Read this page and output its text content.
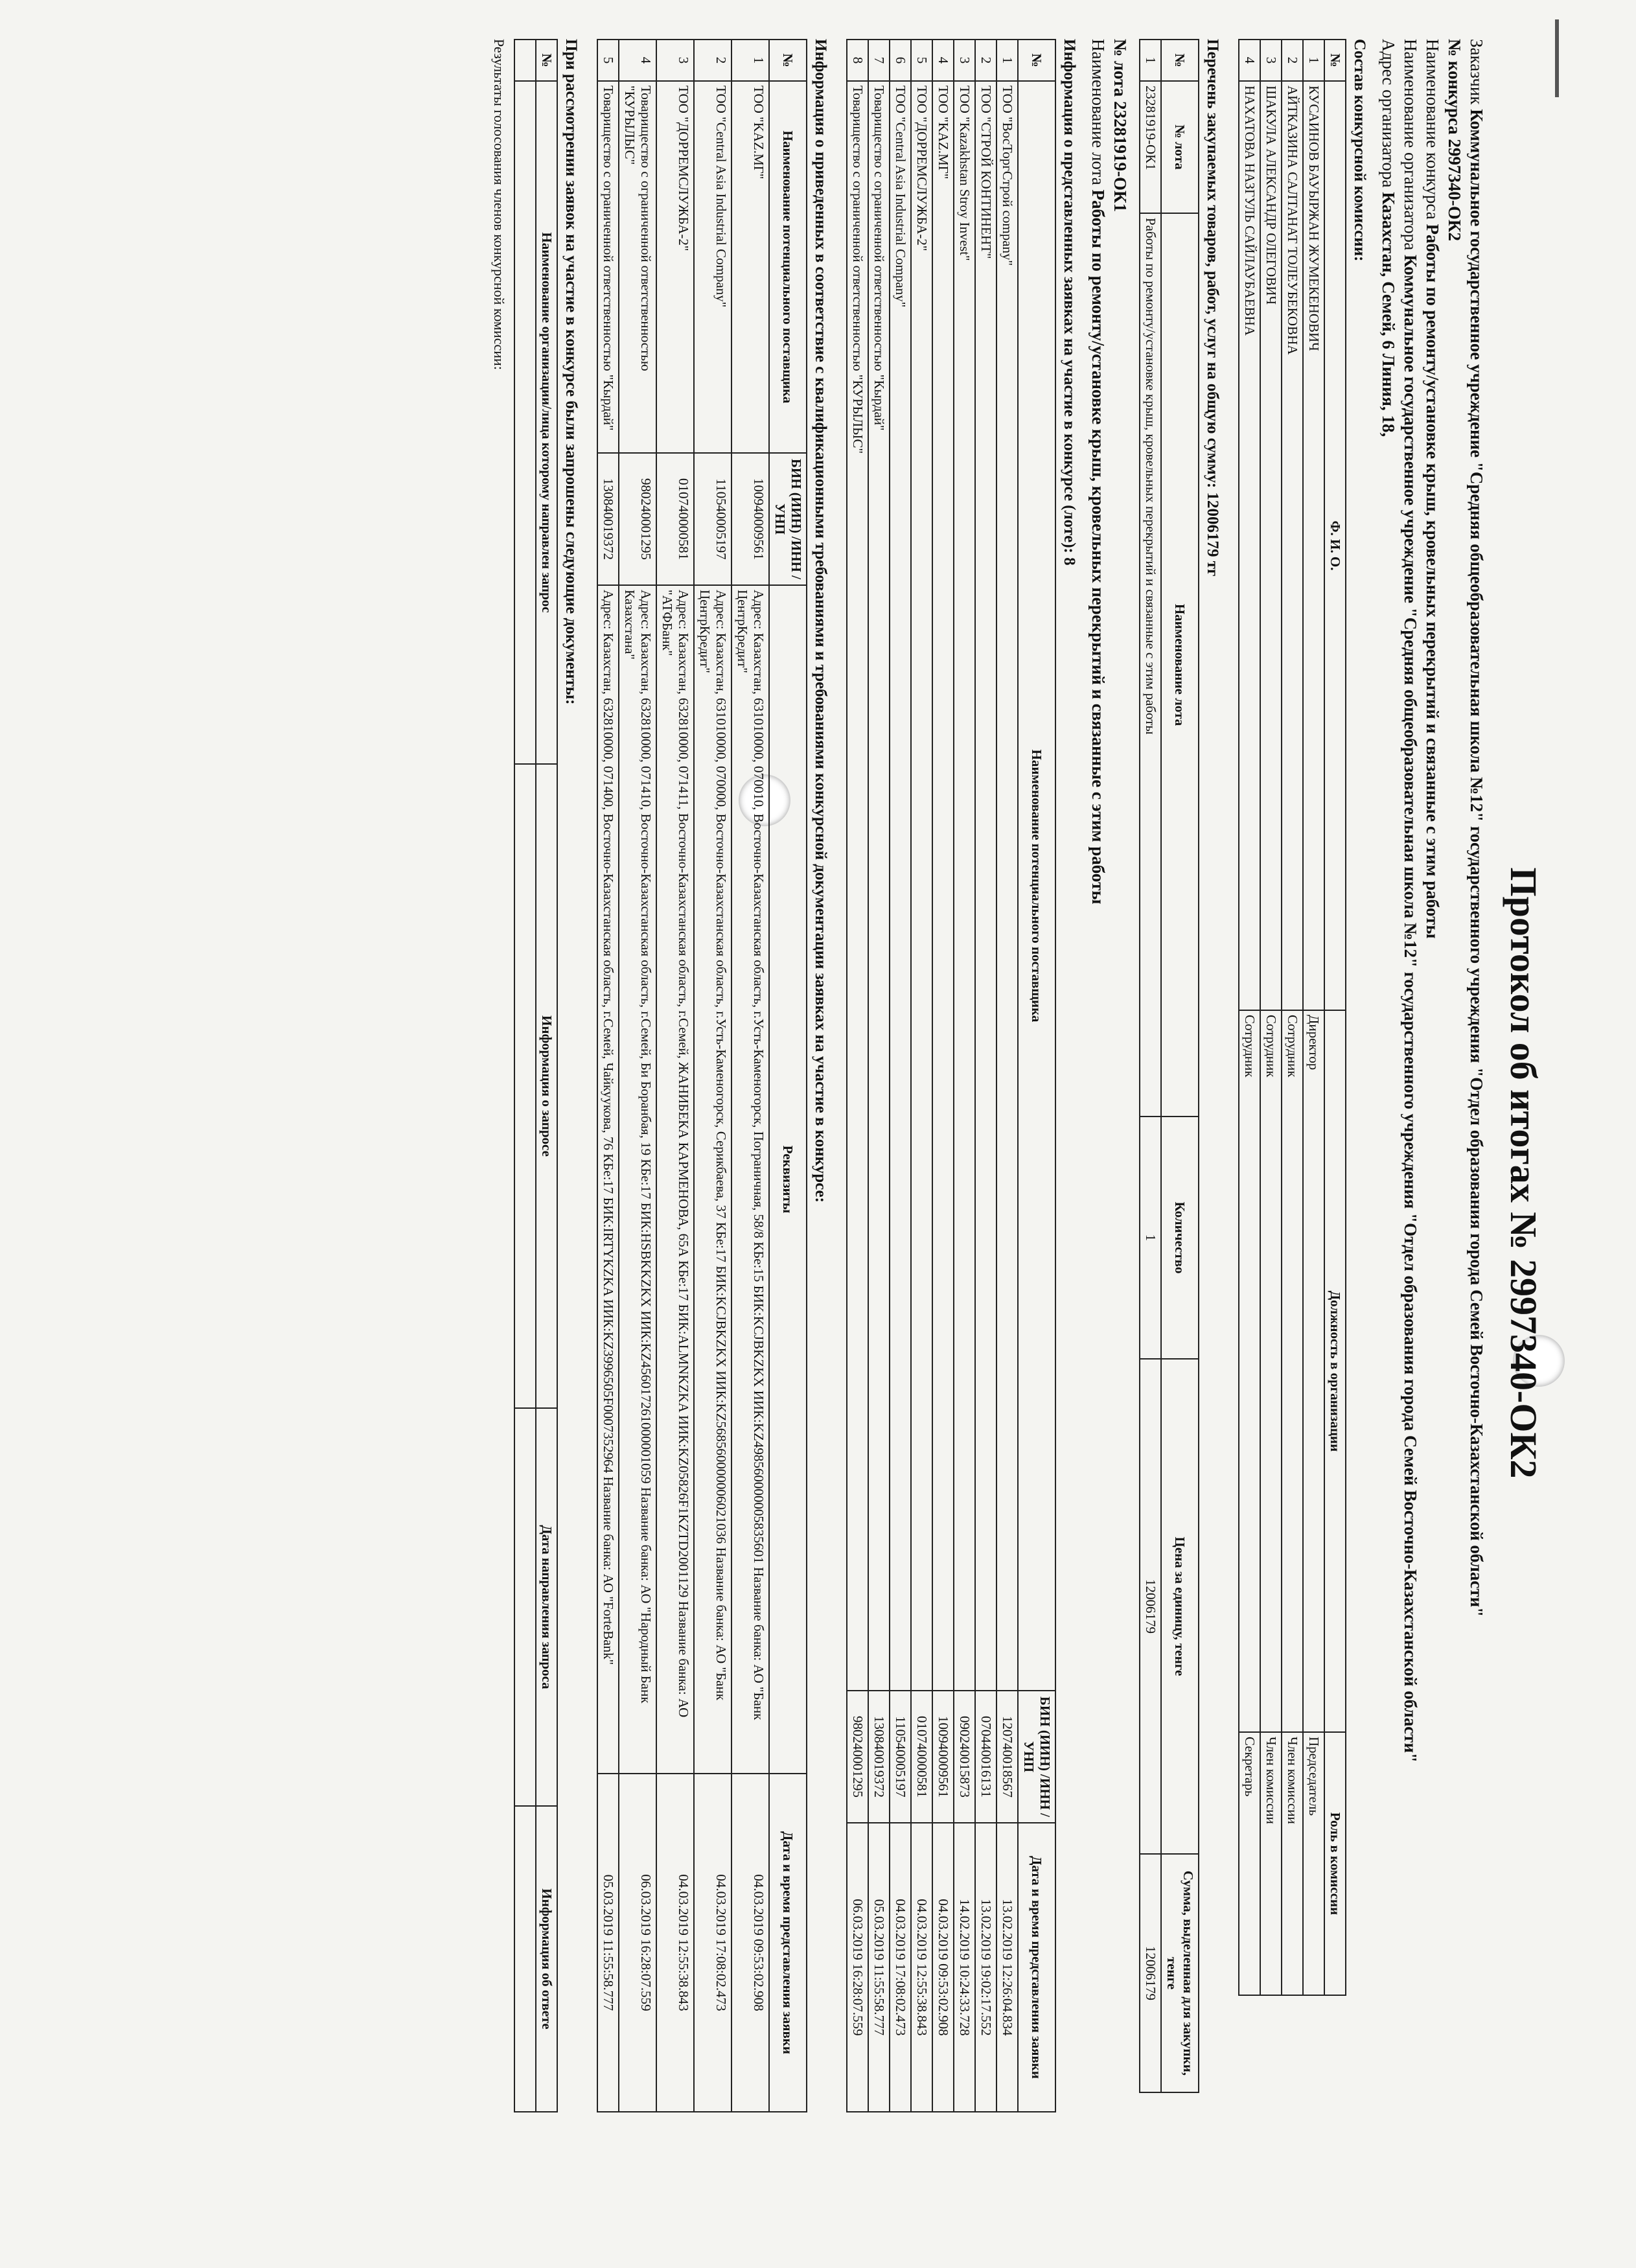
Протокол об итогах № 2997340-ОК2
Заказчик Коммунальное государственное учреждение "Средняя общеобразовательная школа №12" государственного учреждения "Отдел образования города Семей Восточно-Казахстанской области"
№ конкурса 2997340-ОК2
Наименование конкурса Работы по ремонту/установке крыш, кровельных перекрытий и связанные с этим работы
Наименование организатора Коммунальное государственное учреждение "Средняя общеобразовательная школа №12" государственного учреждения "Отдел образования города Семей Восточно-Казахстанской области"
Адрес организатора Казахстан, Семей, 6 Линия, 18,
Состав конкурсной комиссии:
№	Ф. И. О.	Должность в организации	Роль в комиссии
1	КУСАИНОВ БАУЫРЖАН ЖУМЕКЕНОВИЧ	Директор	Председатель
2	АЙТКАЗИНА САЛТАНАТ ТОЛЕУБЕКОВНА	Сотрудник	Член комиссии
3	ШАКУЛА АЛЕКСАНДР ОЛЕГОВИЧ	Сотрудник	Член комиссии
4	НАХАТОВА НАЗГУЛЬ САЙЛАУБАЕВНА	Сотрудник	Секретарь
Перечень закупаемых товаров, работ, услуг на общую сумму: 12006179 тг
№	№ лота	Наименование лота	Количество	Цена за единицу, тенге	Сумма, выделенная для закупки, тенге
1	23281919-ОК1	Работы по ремонту/установке крыш, кровельных перекрытий и связанные с этим работы	1	12006179	12006179
№ лота 23281919-ОК1
Наименование лота Работы по ремонту/установке крыш, кровельных перекрытий и связанные с этим работы
Информация о представленных заявках на участие в конкурсе (лоте): 8
№	Наименование потенциального поставщика	БИН (ИИН) /ИНН /УНП	Дата и время представления заявки
1	ТОО "ВосТоргСтрой company"	120740018567	13.02.2019 12:26:04.834
2	ТОО "СТРОЙ КОНТИНЕНТ"	070440016131	13.02.2019 19:02:17.552
3	ТОО "Kazakhstan Stroy Invest"	090240015873	14.02.2019 10:24:33.728
4	ТОО "KAZ.MГ"	100940009561	04.03.2019 09:53:02.908
5	ТОО "ДОРРЕМСЛУЖБА-2"	010740000581	04.03.2019 12:55:38.843
6	ТОО "Central Asia Industrial Company"	110540005197	04.03.2019 17:08:02.473
7	Товарищество с ограниченной ответственностью "Кырдай"	130840019372	05.03.2019 11:55:58.777
8	Товарищество с ограниченной ответственностью "КУРЫЛЫС"	980240001295	06.03.2019 16:28:07.559
Информация о приведенных в соответствие с квалификационными требованиями и требованиями конкурсной документации заявках на участие в конкурсе:
№	Наименование потенциального поставщика	БИН (ИИН) /ИНН /УНП	Реквизиты	Дата и время представления заявки
1	ТОО "KAZ.MГ"	100940009561	Адрес: Казахстан, 631010000, 070010, Восточно-Казахстанская область, г.Усть-Каменогорск, Пограничная, 58/8 КБе:15 БИК:KCJBKZKX ИИК:KZ498560000005835601 Название банка: АО "Банк ЦентрКредит"	04.03.2019 09:53:02.908
2	ТОО "Central Asia Industrial Company"	110540005197	Адрес: Казахстан, 631010000, 070000, Восточно-Казахстанская область, г.Усть-Каменогорск, Серикбаева, 37 КБе:17 БИК:KCJBKZKX ИИК:KZ568560000006021036 Название банка: АО "Банк ЦентрКредит"	04.03.2019 17:08:02.473
3	ТОО "ДОРРЕМСЛУЖБА-2"	010740000581	Адрес: Казахстан, 632810000, 071411, Восточно-Казахстанская область, г.Семей, ЖАНИБЕКА КАРМЕНОВА, 65А КБе:17 БИК:ALMNKZKA ИИК:KZ05826F1KZTD2001129 Название банка: АО "АТФБанк"	04.03.2019 12:55:38.843
4	Товарищество с ограниченной ответственностью "КУРЫЛЫС"	980240001295	Адрес: Казахстан, 632810000, 071410, Восточно-Казахстанская область, г.Семей, Би Боранбая, 19 КБе:17 БИК:HSBKKZKX ИИК:KZ456017261000001059 Название банка: АО "Народный Банк Казахстана"	06.03.2019 16:28:07.559
5	Товарищество с ограниченной ответственностью "Кырдай"	130840019372	Адрес: Казахстан, 632810000, 071400, Восточно-Казахстанская область, г.Семей, Чайкуукова, 76 КБе:17 БИК:IRTYKZKA ИИК:KZ3996505F0007352964 Название банка: АО "ForteBank"	05.03.2019 11:55:58.777
При рассмотрении заявок на участие в конкурсе были запрошены следующие документы:
№	Наименование организации/лица которому направлен запрос	Информация о запросе	Дата направления запроса	Информация об ответе

Результаты голосования членов конкурсной комиссии:
